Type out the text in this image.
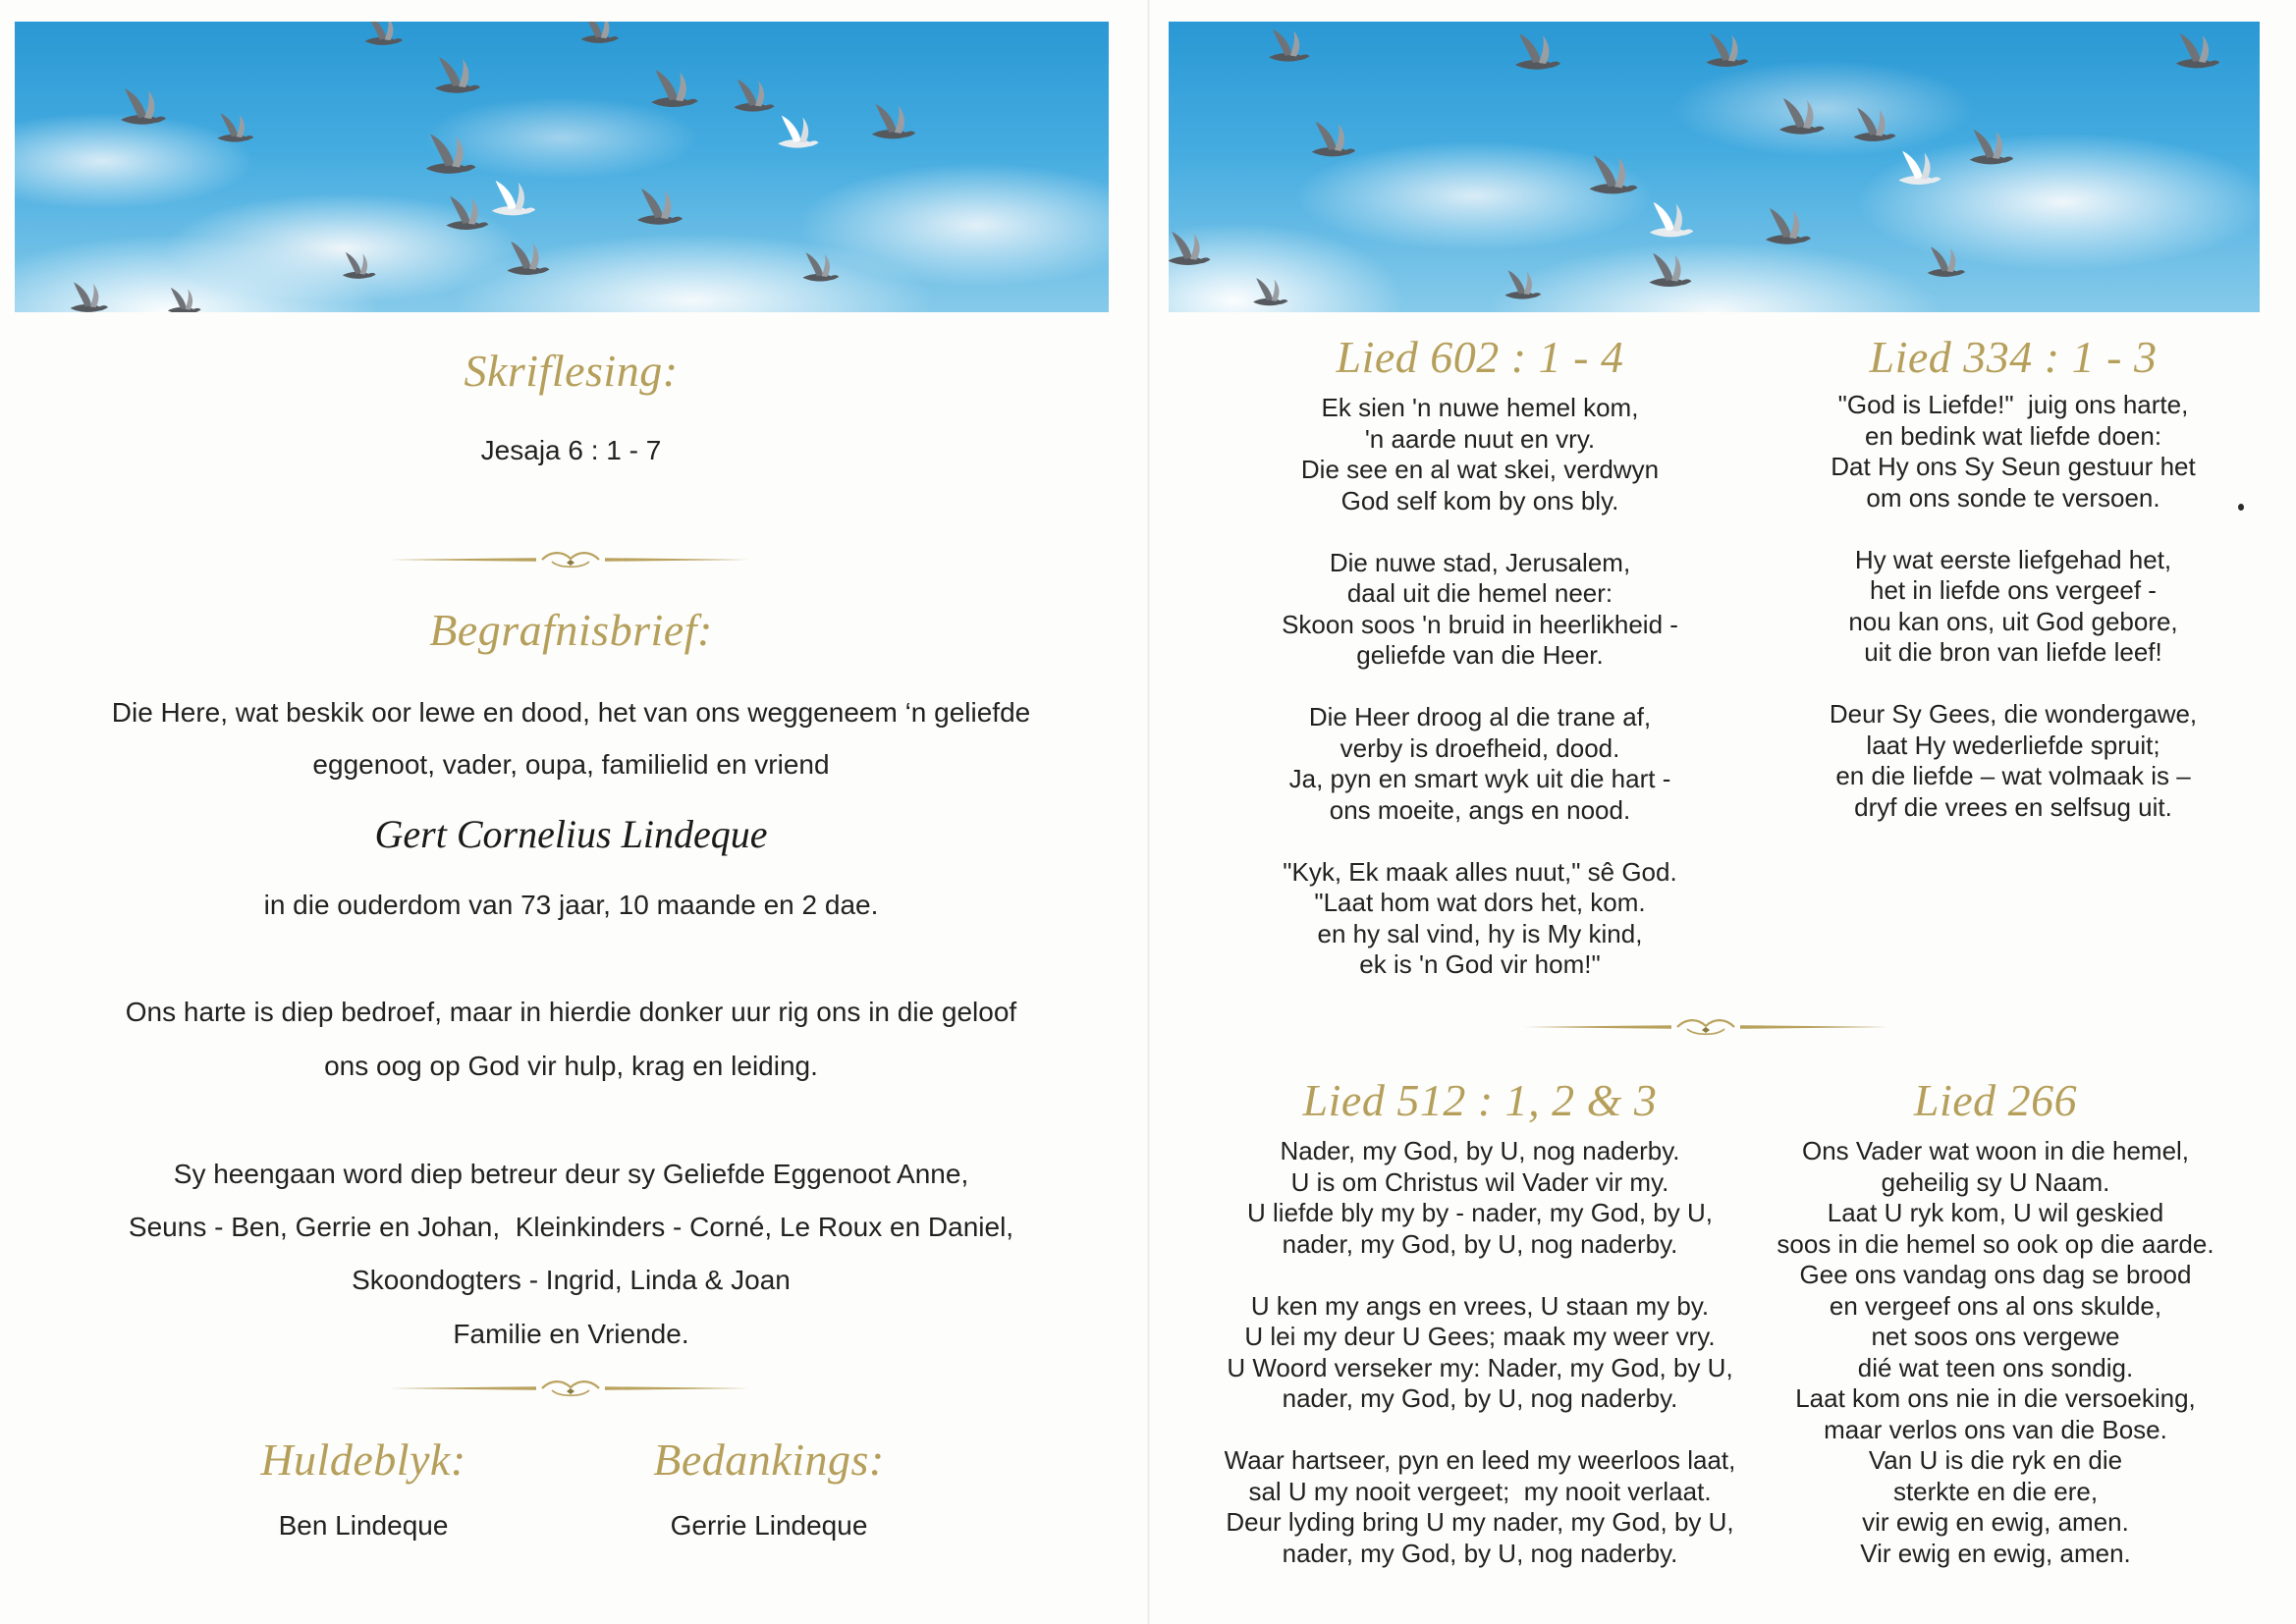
Skriflesing:
Jesaja 6 : 1 - 7
Begrafnisbrief:
Die Here, wat beskik oor lewe en dood, het van ons weggeneem ‘n geliefde
eggenoot, vader, oupa, familielid en vriend
Gert Cornelius Lindeque
in die ouderdom van 73 jaar, 10 maande en 2 dae.
Ons harte is diep bedroef, maar in hierdie donker uur rig ons in die geloof
ons oog op God vir hulp, krag en leiding.
Sy heengaan word diep betreur deur sy Geliefde Eggenoot Anne,
Seuns - Ben, Gerrie en Johan,  Kleinkinders - Corné, Le Roux en Daniel,
Skoondogters - Ingrid, Linda & Joan
Familie en Vriende.
Huldeblyk:
Ben Lindeque
Bedankings:
Gerrie Lindeque
Lied 602 : 1 - 4
Ek sien 'n nuwe hemel kom,
'n aarde nuut en vry.
Die see en al wat skei, verdwyn
God self kom by ons bly.
Die nuwe stad, Jerusalem,
daal uit die hemel neer:
Skoon soos 'n bruid in heerlikheid -
geliefde van die Heer.
Die Heer droog al die trane af,
verby is droefheid, dood.
Ja, pyn en smart wyk uit die hart -
ons moeite, angs en nood.
"Kyk, Ek maak alles nuut," sê God.
"Laat hom wat dors het, kom.
en hy sal vind, hy is My kind,
ek is 'n God vir hom!"
Lied 334 : 1 - 3
"God is Liefde!"  juig ons harte,
en bedink wat liefde doen:
Dat Hy ons Sy Seun gestuur het
om ons sonde te versoen.
Hy wat eerste liefgehad het,
het in liefde ons vergeef -
nou kan ons, uit God gebore,
uit die bron van liefde leef!
Deur Sy Gees, die wondergawe,
laat Hy wederliefde spruit;
en die liefde – wat volmaak is –
dryf die vrees en selfsug uit.
Lied 512 : 1, 2 & 3
Nader, my God, by U, nog naderby.
U is om Christus wil Vader vir my.
U liefde bly my by - nader, my God, by U,
nader, my God, by U, nog naderby.
U ken my angs en vrees, U staan my by.
U lei my deur U Gees; maak my weer vry.
U Woord verseker my: Nader, my God, by U,
nader, my God, by U, nog naderby.
Waar hartseer, pyn en leed my weerloos laat,
sal U my nooit vergeet;  my nooit verlaat.
Deur lyding bring U my nader, my God, by U,
nader, my God, by U, nog naderby.
Lied 266
Ons Vader wat woon in die hemel,
geheilig sy U Naam.
Laat U ryk kom, U wil geskied
soos in die hemel so ook op die aarde.
Gee ons vandag ons dag se brood
en vergeef ons al ons skulde,
net soos ons vergewe
dié wat teen ons sondig.
Laat kom ons nie in die versoeking,
maar verlos ons van die Bose.
Van U is die ryk en die
sterkte en die ere,
vir ewig en ewig, amen.
Vir ewig en ewig, amen.
